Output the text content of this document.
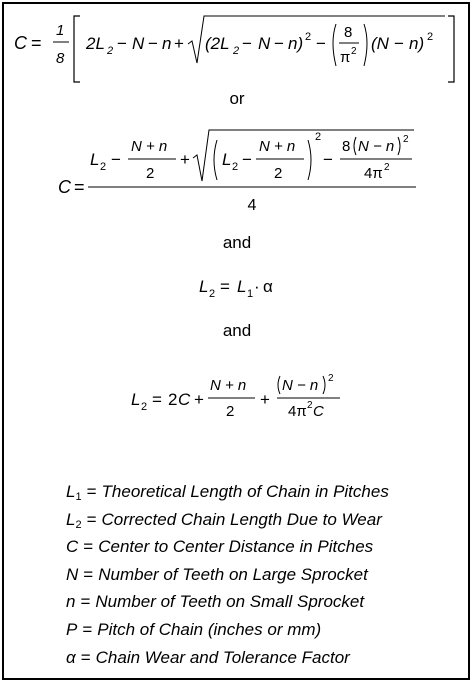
C =
1
8
2L 2 − N − n + (2L 2 − N − n) 2 −
8
π 2 (N − n) 2
or
C =
L 2 −
N + n
2
+ L 2 −
N + n
2
2
−
8 N − n 2
4π 2
4
and
L 2 = L 1 · α
and
L 2 = 2 C +
N + n
2
+
N − n 2
4π 2 C
$L_1$ = Theoretical Length of Chain in Pitches
$L_2$ = Corrected Chain Length Due to Wear
C = Center to Center Distance in Pitches
N = Number of Teeth on Large Sprocket
n = Number of Teeth on Small Sprocket
P = Pitch of Chain (inches or mm)
α = Chain Wear and Tolerance Factor
